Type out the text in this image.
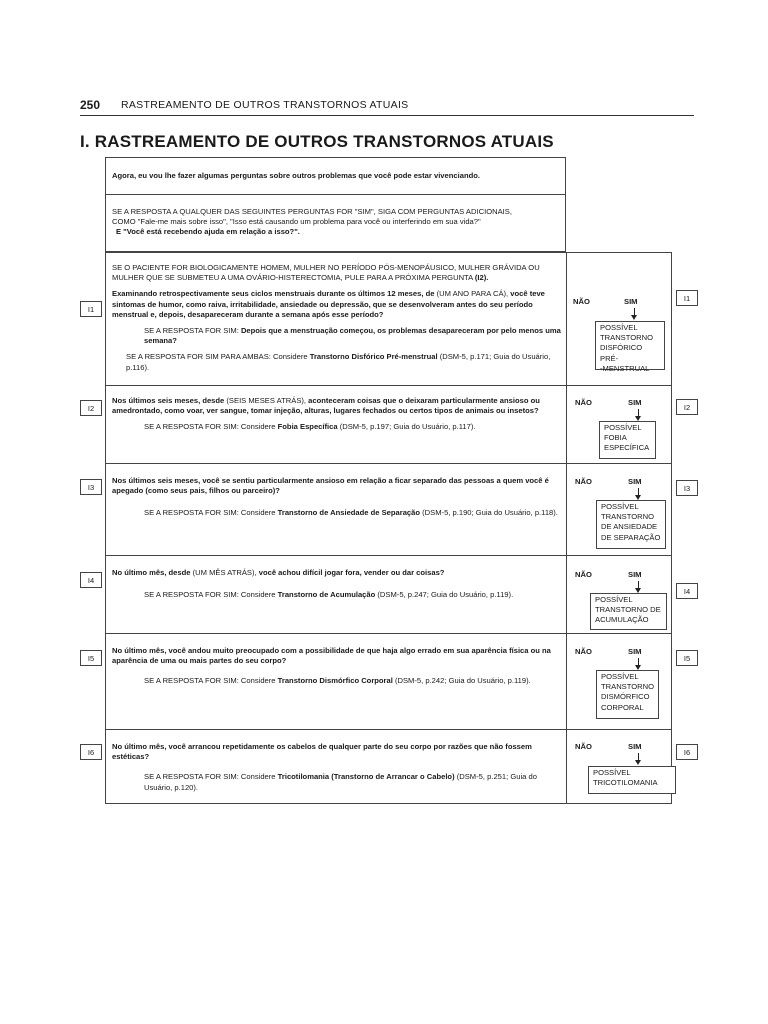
250 RASTREAMENTO DE OUTROS TRANSTORNOS ATUAIS
I. RASTREAMENTO DE OUTROS TRANSTORNOS ATUAIS
Agora, eu vou lhe fazer algumas perguntas sobre outros problemas que você pode estar vivenciando.
SE A RESPOSTA A QUALQUER DAS SEGUINTES PERGUNTAS FOR "SIM", SIGA COM PERGUNTAS ADICIONAIS,
COMO "Fale-me mais sobre isso", "Isso está causando um problema para você ou interferindo em sua vida?"
E "Você está recebendo ajuda em relação a isso?".
SE O PACIENTE FOR BIOLOGICAMENTE HOMEM, MULHER NO PERÍODO PÓS-MENOPÁUSICO, MULHER GRÁVIDA OU MULHER QUE SE SUBMETEU A UMA OVÁRIO-HISTERECTOMIA, PULE PARA A PRÓXIMA PERGUNTA (I2).
Examinando retrospectivamente seus ciclos menstruais durante os últimos 12 meses, de (UM ANO PARA CÁ), você teve sintomas de humor, como raiva, irritabilidade, ansiedade ou depressão, que se desenvolveram antes do seu período menstrual e, depois, desapareceram durante a semana após esse período?
SE A RESPOSTA FOR SIM: Depois que a menstruação começou, os problemas desapareceram por pelo menos uma semana?
SE A RESPOSTA FOR SIM PARA AMBAS: Considere Transtorno Disfórico Pré-menstrual (DSM-5, p.171; Guia do Usuário, p.116).
I1
I1
NÃO	SIM
POSSÍVEL
TRANSTORNO
DISFÓRICO PRÉ-
-MENSTRUAL
Nos últimos seis meses, desde (SEIS MESES ATRÁS), aconteceram coisas que o deixaram particularmente ansioso ou amedrontado, como voar, ver sangue, tomar injeção, alturas, lugares fechados ou certos tipos de animais ou insetos?
SE A RESPOSTA FOR SIM: Considere Fobia Específica (DSM-5, p.197; Guia do Usuário, p.117).
I2	I2
NÃO	SIM
POSSÍVEL
FOBIA
ESPECÍFICA
Nos últimos seis meses, você se sentiu particularmente ansioso em relação a ficar separado das pessoas a quem você é apegado (como seus pais, filhos ou parceiro)?
SE A RESPOSTA FOR SIM: Considere Transtorno de Ansiedade de Separação (DSM-5, p.190; Guia do Usuário, p.118).
I3	I3
NÃO	SIM
POSSÍVEL
TRANSTORNO
DE ANSIEDADE
DE SEPARAÇÃO
No último mês, desde (UM MÊS ATRÁS), você achou difícil jogar fora, vender ou dar coisas?
SE A RESPOSTA FOR SIM: Considere Transtorno de Acumulação (DSM-5, p.247; Guia do Usuário, p.119).
I4
I4
NÃO	SIM
POSSÍVEL
TRANSTORNO DE
ACUMULAÇÃO
No último mês, você andou muito preocupado com a possibilidade de que haja algo errado em sua aparência física ou na aparência de uma ou mais partes do seu corpo?
SE A RESPOSTA FOR SIM: Considere Transtorno Dismórfico Corporal (DSM-5, p.242; Guia do Usuário, p.119).
I5	I5
NÃO	SIM
POSSÍVEL
TRANSTORNO
DISMÓRFICO
CORPORAL
No último mês, você arrancou repetidamente os cabelos de qualquer parte do seu corpo por razões que não fossem estéticas?
SE A RESPOSTA FOR SIM: Considere Tricotilomania (Transtorno de Arrancar o Cabelo) (DSM-5, p.251; Guia do Usuário, p.120).
I6	I6
NÃO	SIM
POSSÍVEL
TRICOTILOMANIA
